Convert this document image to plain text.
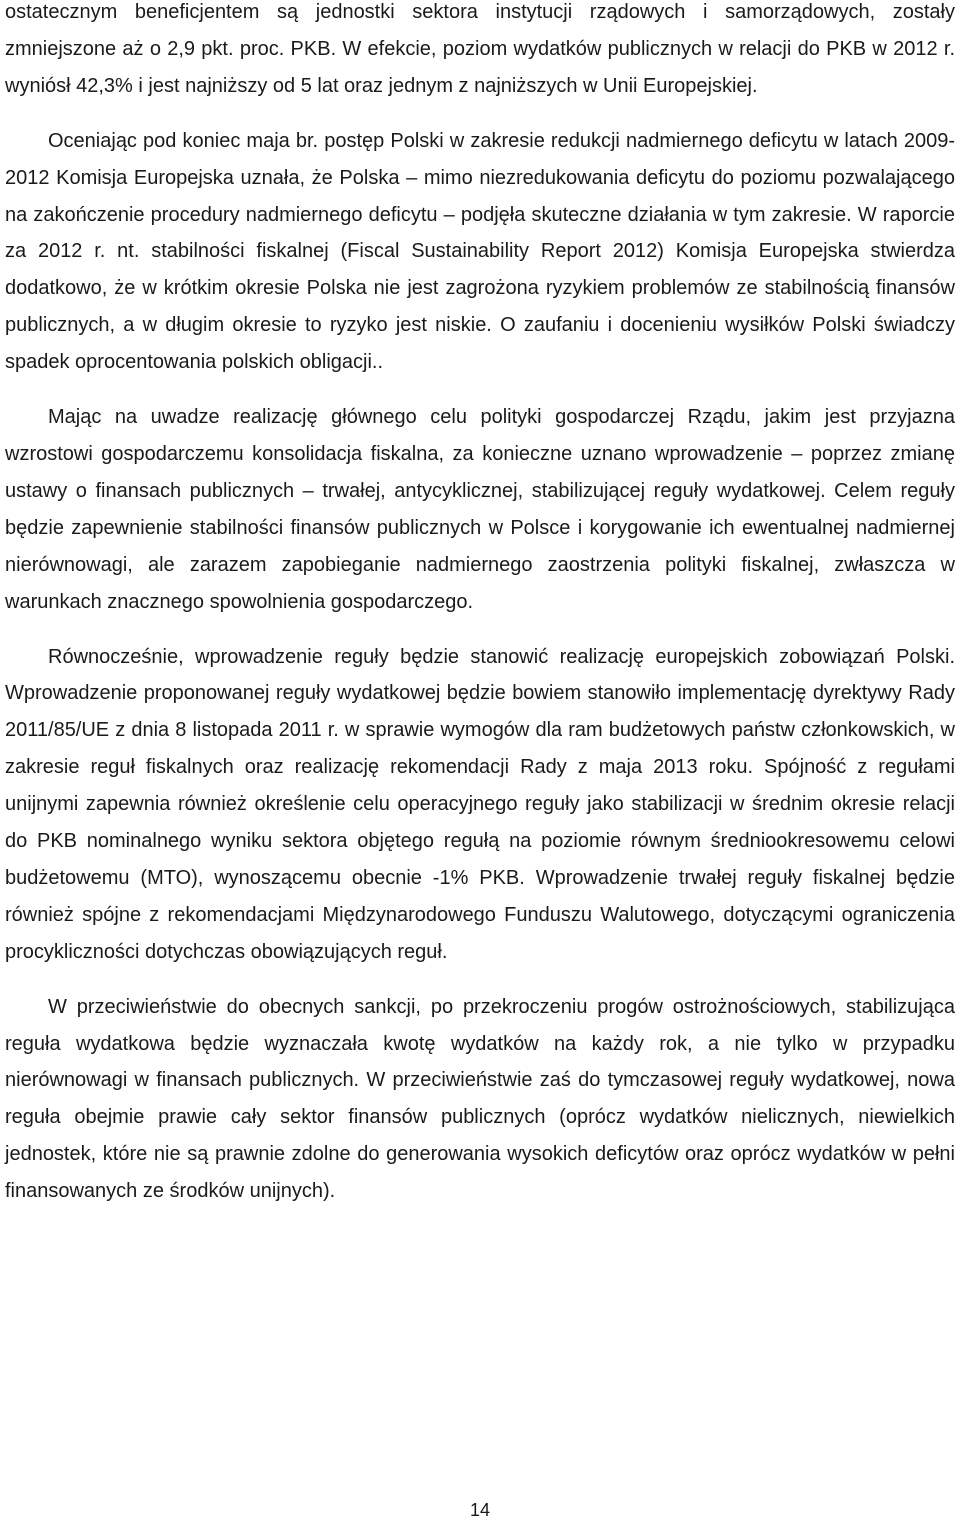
ostatecznym beneficjentem są jednostki sektora instytucji rządowych i samorządowych, zostały zmniejszone aż o 2,9 pkt. proc. PKB. W efekcie, poziom wydatków publicznych w relacji do PKB w 2012 r. wyniósł 42,3% i jest najniższy od 5 lat oraz jednym z najniższych w Unii Europejskiej.

Oceniając pod koniec maja br. postęp Polski w zakresie redukcji nadmiernego deficytu w latach 2009-2012 Komisja Europejska uznała, że Polska – mimo niezredukowania deficytu do poziomu pozwalającego na zakończenie procedury nadmiernego deficytu – podjęła skuteczne działania w tym zakresie. W raporcie za 2012 r. nt. stabilności fiskalnej (Fiscal Sustainability Report 2012) Komisja Europejska stwierdza dodatkowo, że w krótkim okresie Polska nie jest zagrożona ryzykiem problemów ze stabilnością finansów publicznych, a w długim okresie to ryzyko jest niskie. O zaufaniu i docenieniu wysiłków Polski świadczy spadek oprocentowania polskich obligacji..

Mając na uwadze realizację głównego celu polityki gospodarczej Rządu, jakim jest przyjazna wzrostowi gospodarczemu konsolidacja fiskalna, za konieczne uznano wprowadzenie – poprzez zmianę ustawy o finansach publicznych – trwałej, antycyklicznej, stabilizującej reguły wydatkowej. Celem reguły będzie zapewnienie stabilności finansów publicznych w Polsce i korygowanie ich ewentualnej nadmiernej nierównowagi, ale zarazem zapobieganie nadmiernego zaostrzenia polityki fiskalnej, zwłaszcza w warunkach znacznego spowolnienia gospodarczego.

Równocześnie, wprowadzenie reguły będzie stanowić realizację europejskich zobowiązań Polski. Wprowadzenie proponowanej reguły wydatkowej będzie bowiem stanowiło implementację dyrektywy Rady 2011/85/UE z dnia 8 listopada 2011 r. w sprawie wymogów dla ram budżetowych państw członkowskich, w zakresie reguł fiskalnych oraz realizację rekomendacji Rady z maja 2013 roku. Spójność z regułami unijnymi zapewnia również określenie celu operacyjnego reguły jako stabilizacji w średnim okresie relacji do PKB nominalnego wyniku sektora objętego regułą na poziomie równym średniookresowemu celowi budżetowemu (MTO), wynoszącemu obecnie -1% PKB. Wprowadzenie trwałej reguły fiskalnej będzie również spójne z rekomendacjami Międzynarodowego Funduszu Walutowego, dotyczącymi ograniczenia procykliczności dotychczas obowiązujących reguł.

W przeciwieństwie do obecnych sankcji, po przekroczeniu progów ostrożnościowych, stabilizująca reguła wydatkowa będzie wyznaczała kwotę wydatków na każdy rok, a nie tylko w przypadku nierównowagi w finansach publicznych. W przeciwieństwie zaś do tymczasowej reguły wydatkowej, nowa reguła obejmie prawie cały sektor finansów publicznych (oprócz wydatków nielicznych, niewielkich jednostek, które nie są prawnie zdolne do generowania wysokich deficytów oraz oprócz wydatków w pełni finansowanych ze środków unijnych).

14
